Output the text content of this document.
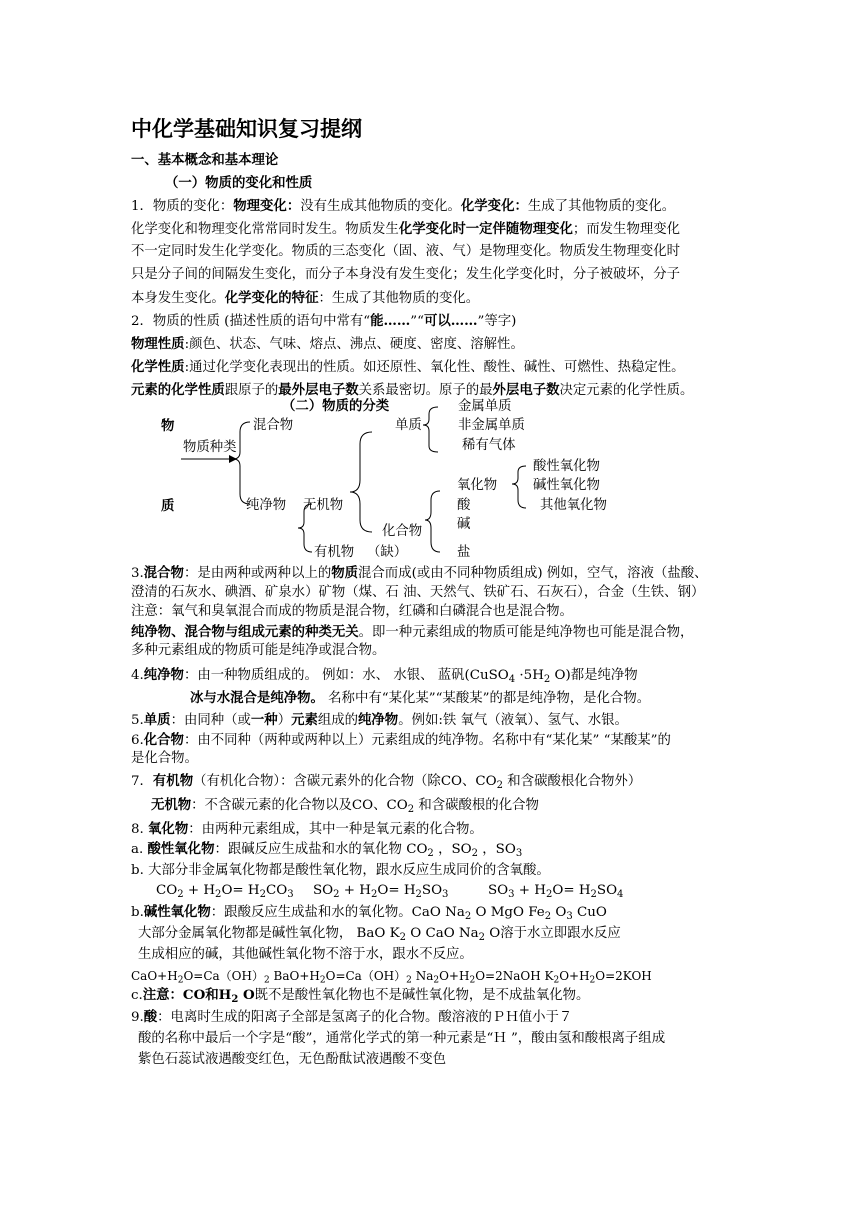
中化学基础知识复习提纲
一、基本概念和基本理论
（一）物质的变化和性质
1．物质的变化：物理变化：没有生成其他物质的变化。化学变化：生成了其他物质的变化。
化学变化和物理变化常常同时发生。物质发生化学变化时一定伴随物理变化；而发生物理变化
不一定同时发生化学变化。物质的三态变化（固、液、气）是物理变化。物质发生物理变化时
只是分子间的间隔发生变化，而分子本身没有发生变化；发生化学变化时，分子被破坏，分子
本身发生变化。化学变化的特征：生成了其他物质的变化。
2．物质的性质 (描述性质的语句中常有“能……”“可以……”等字)
物理性质:颜色、状态、气味、熔点、沸点、硬度、密度、溶解性。
化学性质:通过化学变化表现出的性质。如还原性、氧化性、酸性、碱性、可燃性、热稳定性。
元素的化学性质跟原子的最外层电子数关系最密切。原子的最外层电子数决定元素的化学性质。
（二）物质的分类
物
质
物质种类
混合物
纯净物 无机物
有机物 （缺）
单质
化合物
金属单质
非金属单质
稀有气体
氧化物
酸
碱
盐
酸性氧化物
碱性氧化物
其他氧化物
3.混合物：是由两种或两种以上的物质混合而成(或由不同种物质组成) 例如，空气，溶液（盐酸、
澄清的石灰水、碘酒、矿泉水）矿物（煤、石 油、天然气、铁矿石、石灰石），合金（生铁、钢）
注意：氧气和臭氧混合而成的物质是混合物，红磷和白磷混合也是混合物。
纯净物、混合物与组成元素的种类无关。即一种元素组成的物质可能是纯净物也可能是混合物，
多种元素组成的物质可能是纯净或混合物。
4.纯净物：由一种物质组成的。 例如：水、 水银、 蓝矾(CuSO$_4$ $\cdot 5H_2$ O)都是纯净物
冰与水混合是纯净物。 名称中有“某化某”“某酸某”的都是纯净物，是化合物。
5.单质：由同种（或一种）元素组成的纯净物。例如:铁 氧气（液氧）、氢气、水银。
6.化合物：由不同种（两种或两种以上）元素组成的纯净物。名称中有“某化某” “某酸某”的
是化合物。
7．有机物（有机化合物）：含碳元素外的化合物（除CO、$CO_2$ 和含碳酸根化合物外）
无机物：不含碳元素的化合物以及CO、$CO_2$ 和含碳酸根的化合物
8. 氧化物：由两种元素组成，其中一种是氧元素的化合物。
a. 酸性氧化物：跟碱反应生成盐和水的氧化物 $CO_2$ ，$SO_2$ ，$SO_3$
b. 大部分非金属氧化物都是酸性氧化物，跟水反应生成同价的含氧酸。
$CO_2 + H_2O= H_2CO_3$ $SO_2 + H_2O= H_2SO_3$	$SO_3 + H_2O= H_2SO_4$
b.碱性氧化物：跟酸反应生成盐和水的氧化物。CaO $Na_2$ O MgO $Fe_2$ $O_3$ CuO
大部分金属氧化物都是碱性氧化物， BaO $K_2$ O CaO $Na_2$ O溶于水立即跟水反应
生成相应的碱，其他碱性氧化物不溶于水，跟水不反应。
$CaO+H_2O=Ca(OH)_2$ $BaO+H_2O=Ca(OH)_2$ $Na_2O+H_2O=2NaOH$ $K_2O+H_2O=2KOH$
c.注意：CO和$H_2$ O既不是酸性氧化物也不是碱性氧化物，是不成盐氧化物。
9.酸：电离时生成的阳离子全部是氢离子的化合物。酸溶液的ＰＨ值小于７
酸的名称中最后一个字是“酸”，通常化学式的第一种元素是“Ｈ ”，酸由氢和酸根离子组成
紫色石蕊试液遇酸变红色，无色酚酞试液遇酸不变色
